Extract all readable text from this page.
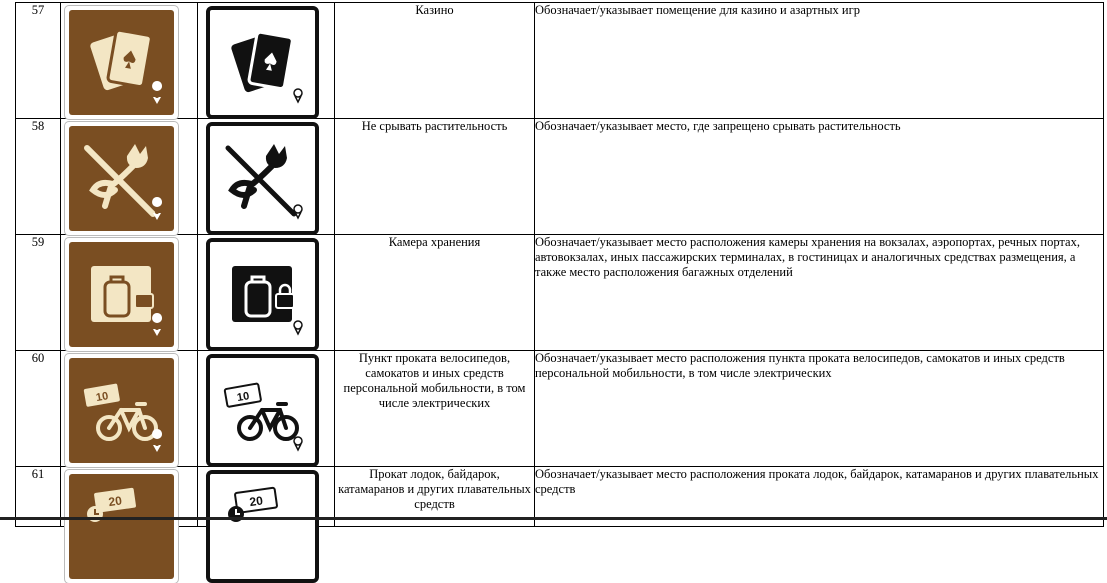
57			Казино	Обозначает/указывает помещение для казино и азартных игр
58			Не срывать растительность	Обозначает/указывает место, где запрещено срывать растительность
59			Камера хранения	Обозначает/указывает место расположения камеры хранения на вокзалах, аэропортах, речных портах, автовокзалах, иных пассажирских терминалах, в гостиницах и аналогичных средствах размещения, а также место расположения багажных отделений
60	10	10	Пункт проката велосипедов, самокатов и иных средств персональной мобильности, в том числе электрических	Обозначает/указывает место расположения пункта проката велосипедов, самокатов и иных средств персональной мобильности, в том числе электрических
61	20	20	Прокат лодок, байдарок, катамаранов и других плавательных средств	Обозначает/указывает место расположения проката лодок, байдарок, катамаранов и других плавательных средств
